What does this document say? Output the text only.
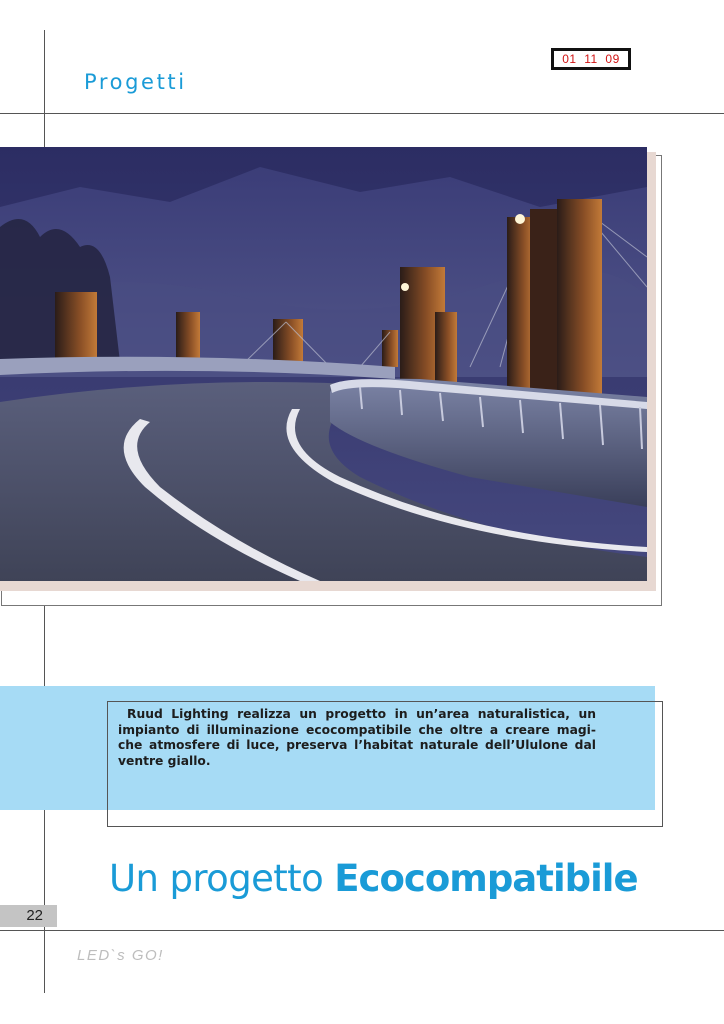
01  11  09
Progetti
Ruud Lighting realizza un progetto in un’area naturalistica, un impianto di illuminazione ecocompatibile che oltre a creare magi-che atmosfere di luce, preserva l’habitat naturale dell’Ululone dal ventre giallo.
Un progetto Ecocompatibile
22
LED`s GO!
